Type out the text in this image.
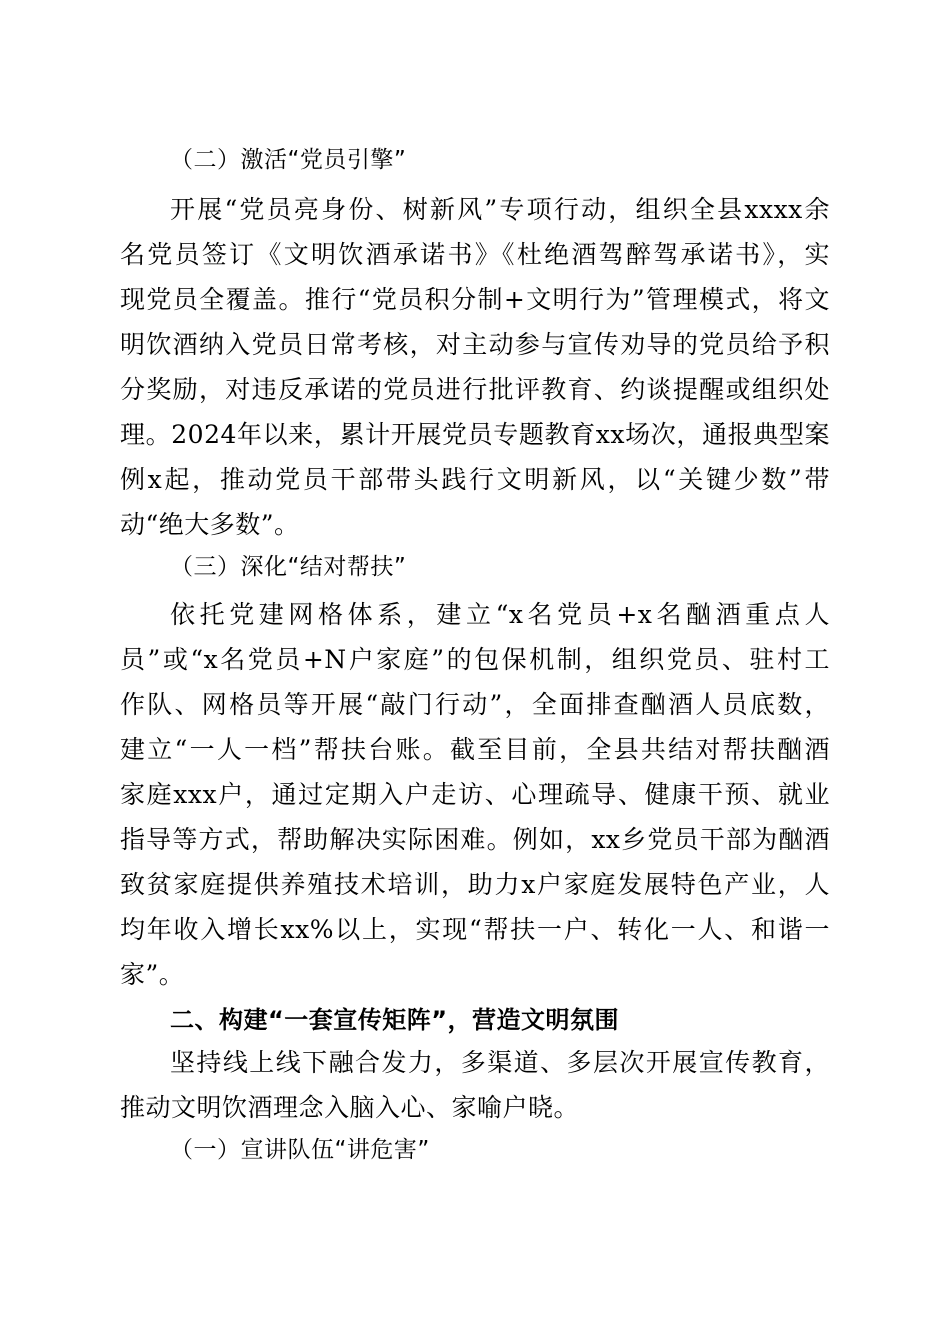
（二）激活“党员引擎”
开展“党员亮身份、树新风”专项行动，组织全县xxxx余
名党员签订《文明饮酒承诺书》《杜绝酒驾醉驾承诺书》，实
现党员全覆盖。推行“党员积分制+文明行为”管理模式，将文
明饮酒纳入党员日常考核，对主动参与宣传劝导的党员给予积
分奖励，对违反承诺的党员进行批评教育、约谈提醒或组织处
理。2024年以来，累计开展党员专题教育xx场次，通报典型案
例x起，推动党员干部带头践行文明新风，以“关键少数”带
动“绝大多数”。
（三）深化“结对帮扶”
依托党建网格体系，建立“x名党员+x名酗酒重点人
员”或“x名党员+N户家庭”的包保机制，组织党员、驻村工
作队、网格员等开展“敲门行动”，全面排查酗酒人员底数，
建立“一人一档”帮扶台账。截至目前，全县共结对帮扶酗酒
家庭xxx户，通过定期入户走访、心理疏导、健康干预、就业
指导等方式，帮助解决实际困难。例如，xx乡党员干部为酗酒
致贫家庭提供养殖技术培训，助力x户家庭发展特色产业，人
均年收入增长xx%以上，实现“帮扶一户、转化一人、和谐一
家”。
二、构建“一套宣传矩阵”，营造文明氛围
坚持线上线下融合发力，多渠道、多层次开展宣传教育，
推动文明饮酒理念入脑入心、家喻户晓。
（一）宣讲队伍“讲危害”
